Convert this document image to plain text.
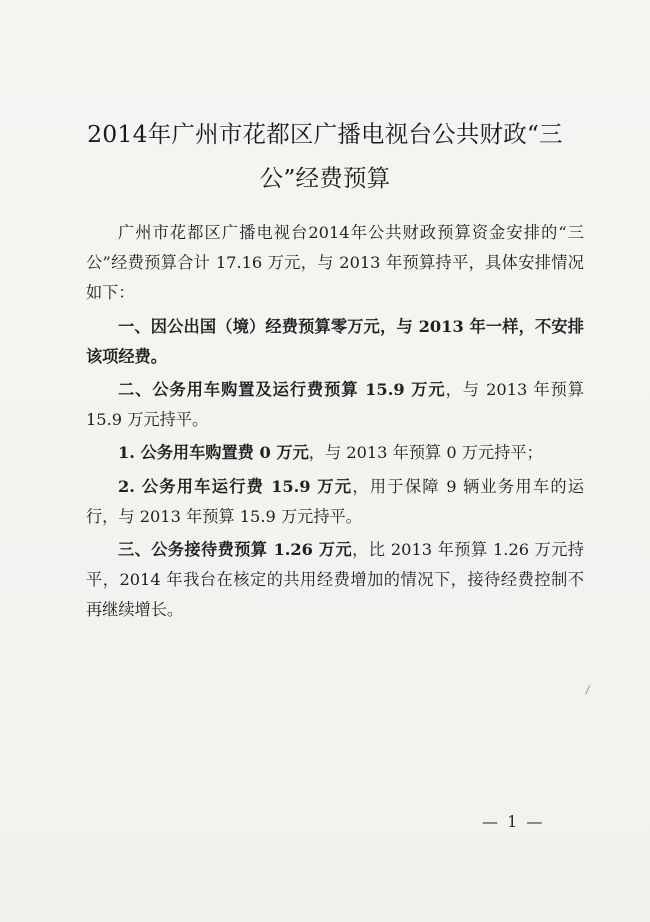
2014年广州市花都区广播电视台公共财政“三
公”经费预算

广州市花都区广播电视台2014年公共财政预算资金安排的“三公”经费预算合计 17.16 万元，与 2013 年预算持平，具体安排情况如下：

一、因公出国（境）经费预算零万元，与 2013 年一样，不安排该项经费。

二、公务用车购置及运行费预算 15.9 万元，与 2013 年预算 15.9 万元持平。

1. 公务用车购置费 0 万元，与 2013 年预算 0 万元持平；

2. 公务用车运行费 15.9 万元，用于保障 9 辆业务用车的运行，与 2013 年预算 15.9 万元持平。

三、公务接待费预算 1.26 万元，比 2013 年预算 1.26 万元持平，2014 年我台在核定的共用经费增加的情况下，接待经费控制不再继续增长。

— 1 —
